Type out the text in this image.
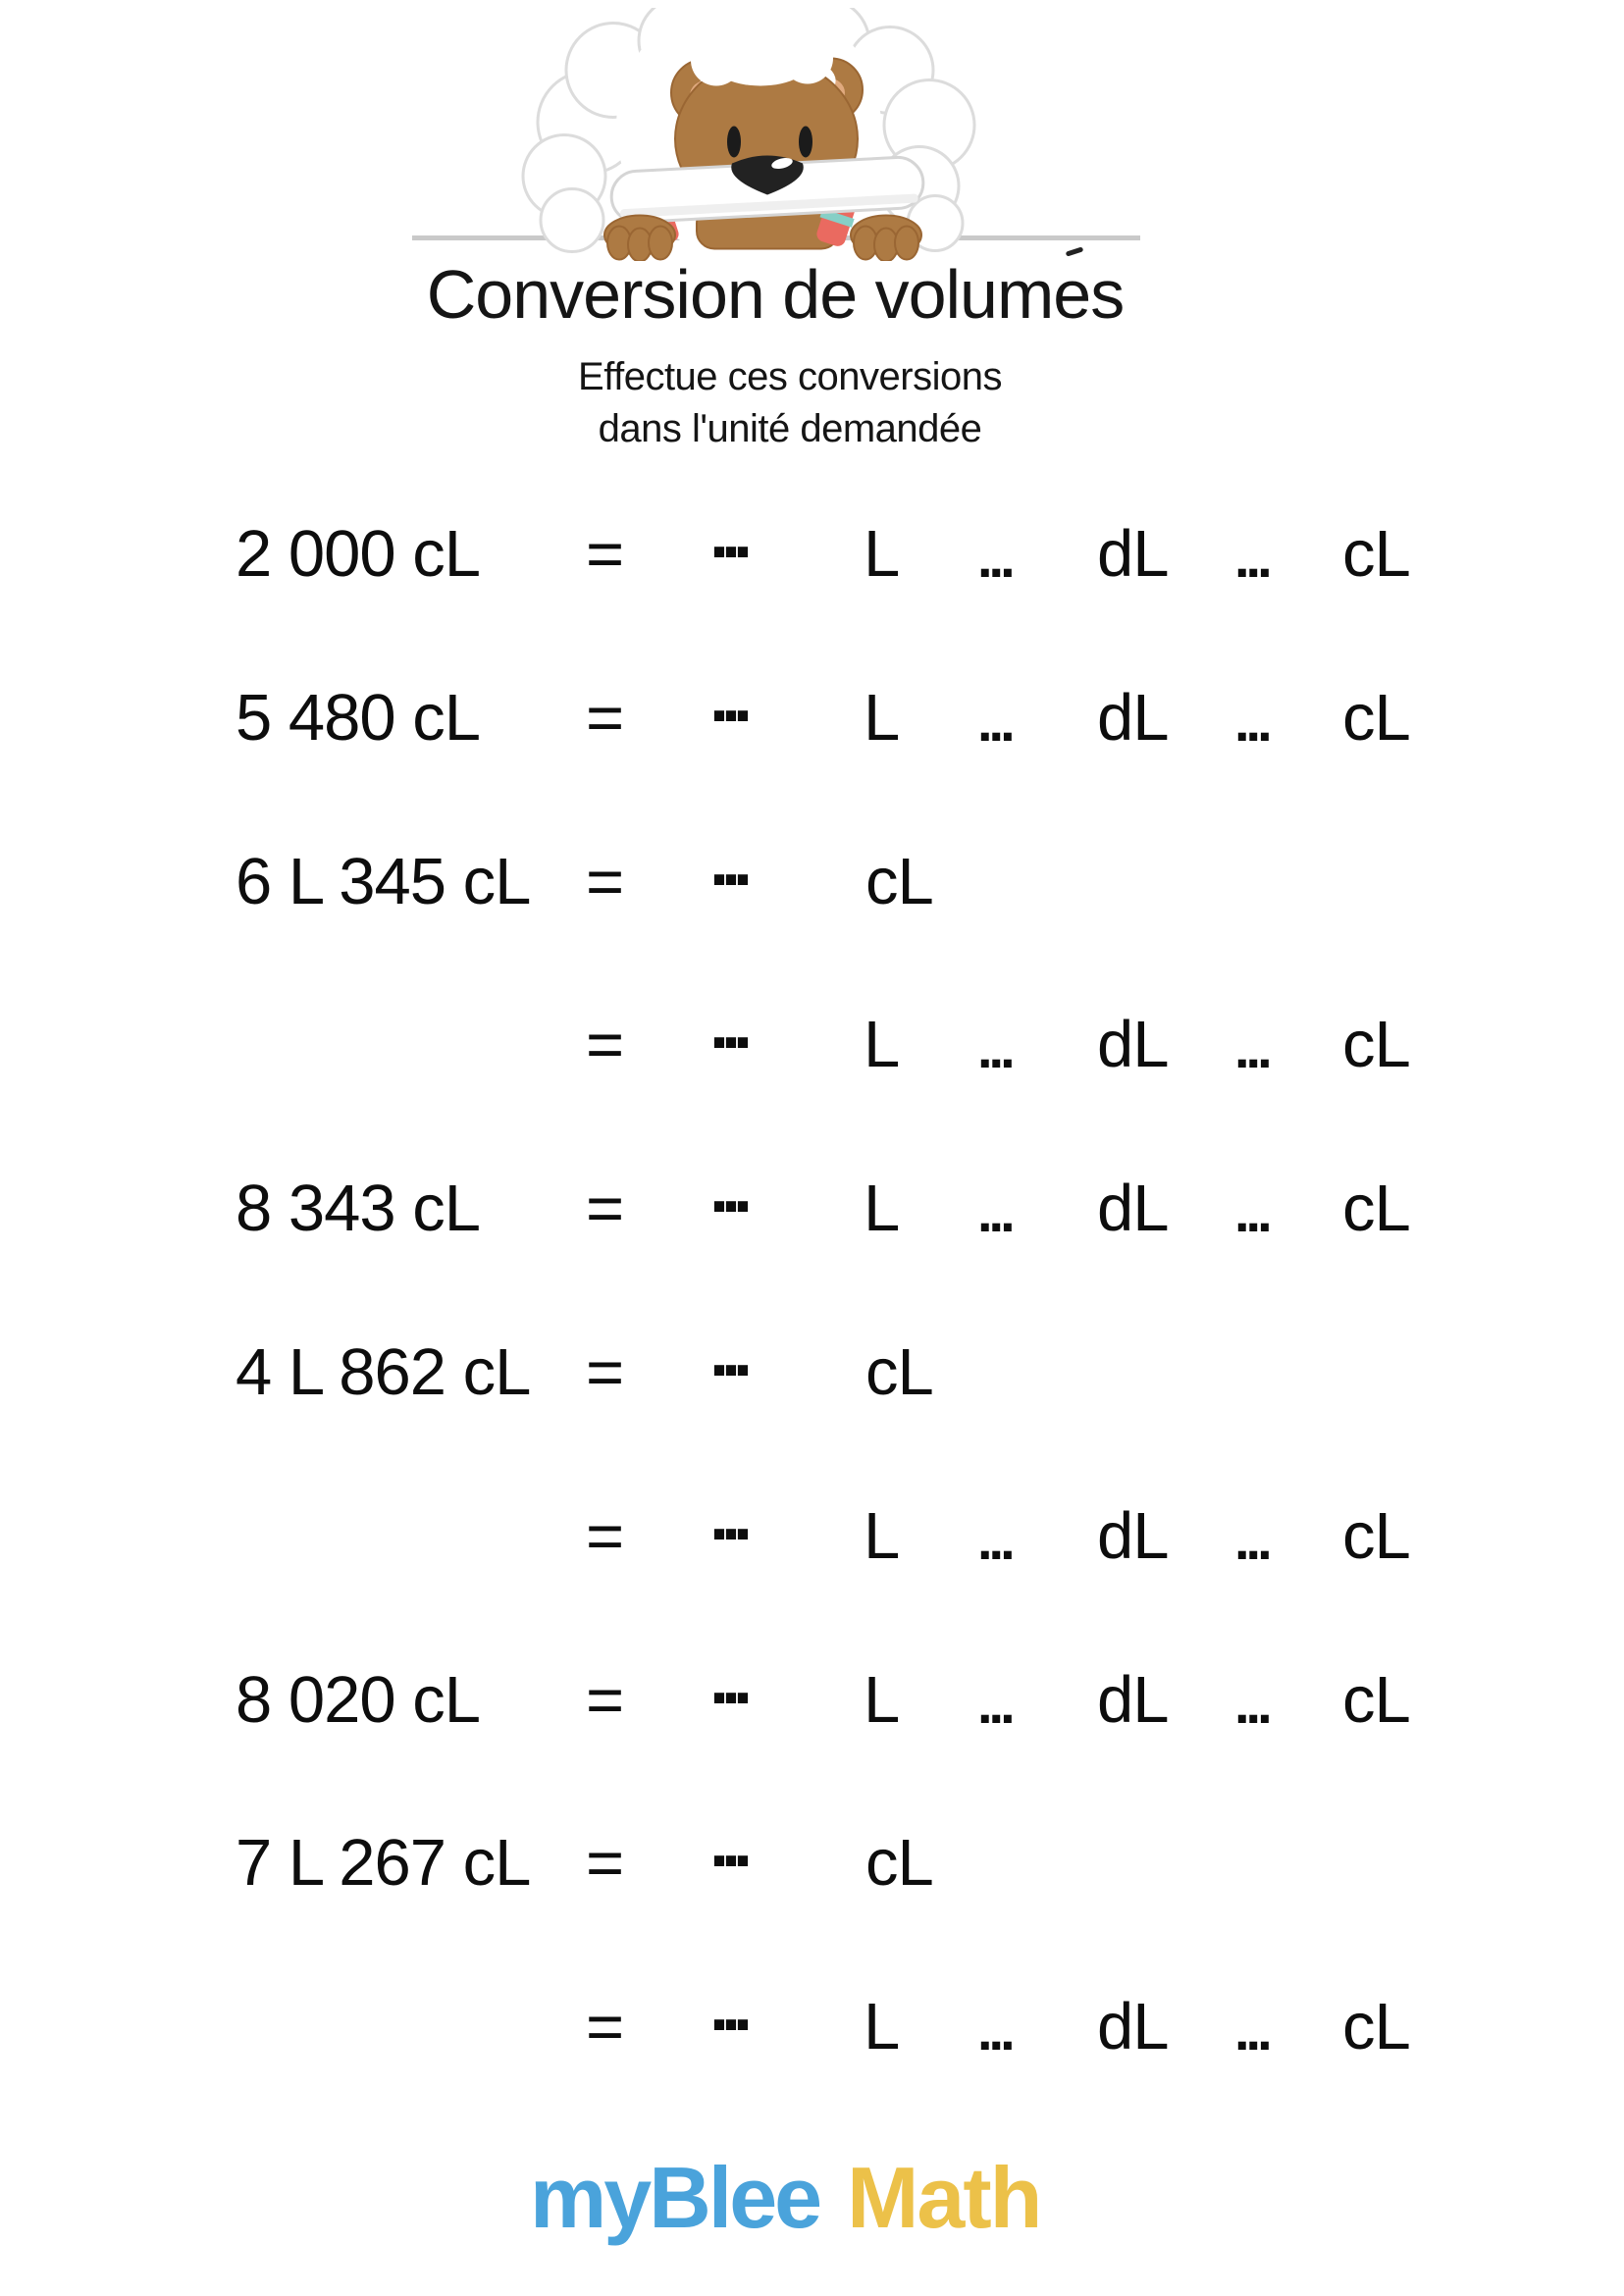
Conversion de volumes
Effectue ces conversions
dans l'unité demandée
2 000 cL = ... L ... dL ... cL
5 480 cL = ... L ... dL ... cL
6 L 345 cL = ... cL
= ... L ... dL ... cL
8 343 cL = ... L ... dL ... cL
4 L 862 cL = ... cL
= ... L ... dL ... cL
8 020 cL = ... L ... dL ... cL
7 L 267 cL = ... cL
= ... L ... dL ... cL
my Blee Math
